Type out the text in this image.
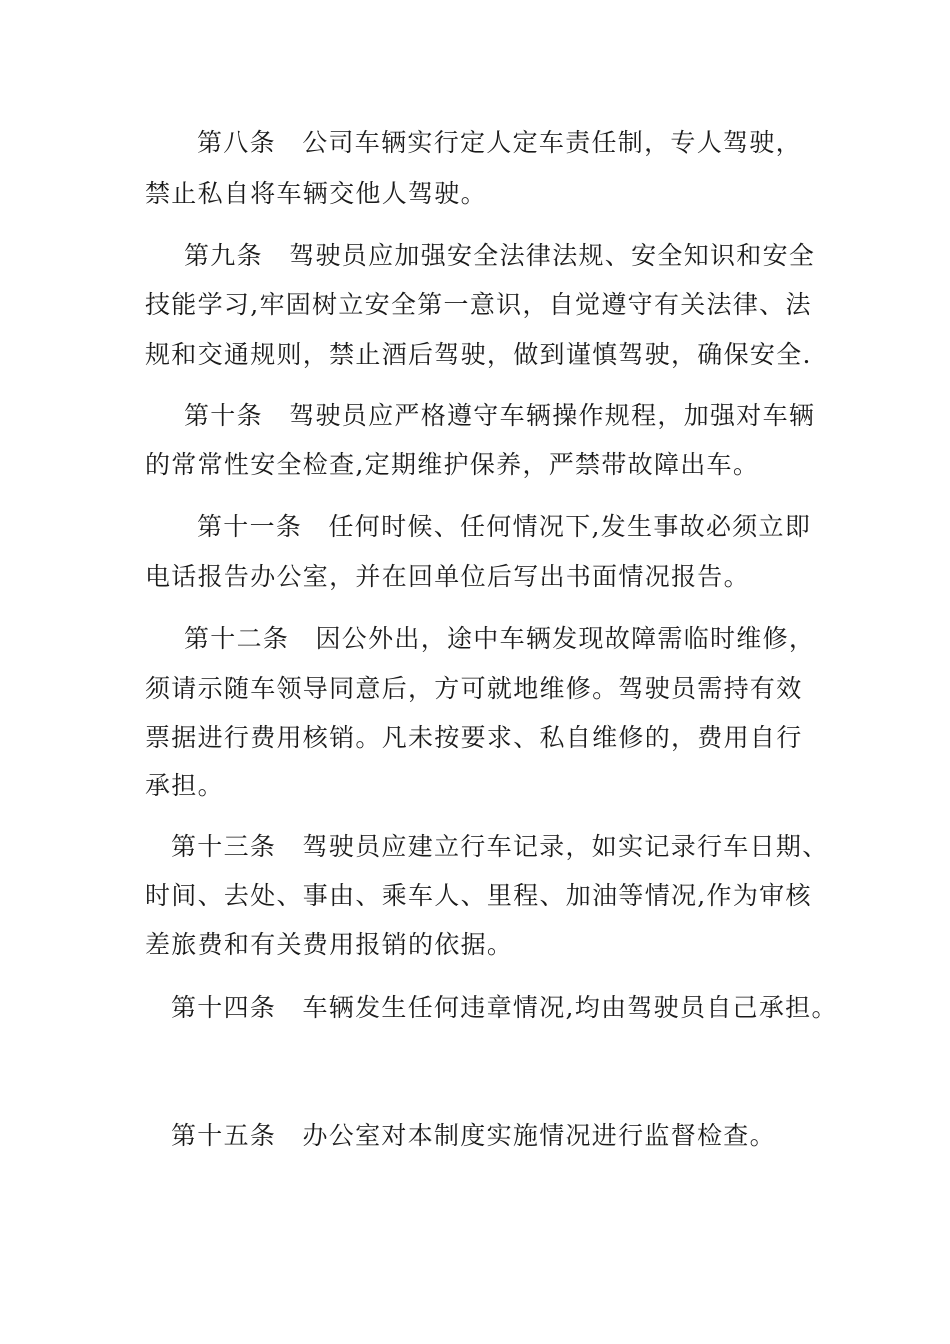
第八条　公司车辆实行定人定车责任制，专人驾驶，
禁止私自将车辆交他人驾驶。
第九条　驾驶员应加强安全法律法规、安全知识和安全
技能学习,牢固树立安全第一意识，自觉遵守有关法律、法
规和交通规则，禁止酒后驾驶，做到谨慎驾驶，确保安全.
第十条　驾驶员应严格遵守车辆操作规程，加强对车辆
的常常性安全检查,定期维护保养，严禁带故障出车。
第十一条　任何时候、任何情况下,发生事故必须立即
电话报告办公室，并在回单位后写出书面情况报告。
第十二条　因公外出，途中车辆发现故障需临时维修，
须请示随车领导同意后，方可就地维修。驾驶员需持有效
票据进行费用核销。凡未按要求、私自维修的，费用自行
承担。
第十三条　驾驶员应建立行车记录，如实记录行车日期、
时间、去处、事由、乘车人、里程、加油等情况,作为审核
差旅费和有关费用报销的依据。
第十四条　车辆发生任何违章情况,均由驾驶员自己承担。
第十五条　办公室对本制度实施情况进行监督检查。
